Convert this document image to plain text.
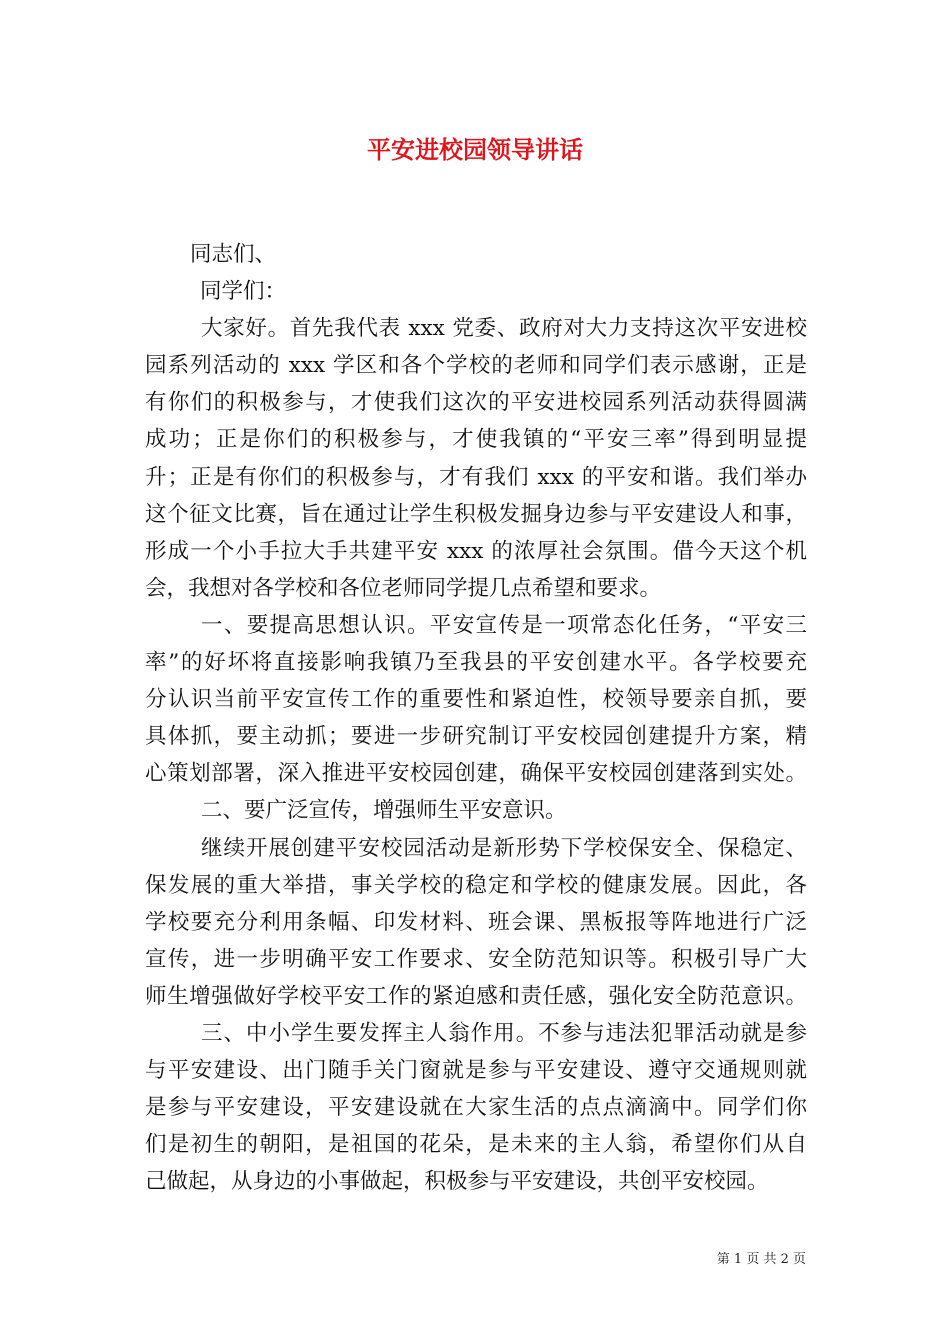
平安进校园领导讲话
同志们、
同学们：
大家好。首先我代表 xxx 党委、政府对大力支持这次平安进校
园系列活动的 xxx 学区和各个学校的老师和同学们表示感谢，正是
有你们的积极参与，才使我们这次的平安进校园系列活动获得圆满
成功；正是你们的积极参与，才使我镇的“平安三率”得到明显提
升；正是有你们的积极参与，才有我们 xxx 的平安和谐。我们举办
这个征文比赛，旨在通过让学生积极发掘身边参与平安建设人和事，
形成一个小手拉大手共建平安 xxx 的浓厚社会氛围。借今天这个机
会，我想对各学校和各位老师同学提几点希望和要求。
一、要提高思想认识。平安宣传是一项常态化任务，“平安三
率”的好坏将直接影响我镇乃至我县的平安创建水平。各学校要充
分认识当前平安宣传工作的重要性和紧迫性，校领导要亲自抓，要
具体抓，要主动抓；要进一步研究制订平安校园创建提升方案，精
心策划部署，深入推进平安校园创建，确保平安校园创建落到实处。
二、要广泛宣传，增强师生平安意识。
继续开展创建平安校园活动是新形势下学校保安全、保稳定、
保发展的重大举措，事关学校的稳定和学校的健康发展。因此，各
学校要充分利用条幅、印发材料、班会课、黑板报等阵地进行广泛
宣传，进一步明确平安工作要求、安全防范知识等。积极引导广大
师生增强做好学校平安工作的紧迫感和责任感，强化安全防范意识。
三、中小学生要发挥主人翁作用。不参与违法犯罪活动就是参
与平安建设、出门随手关门窗就是参与平安建设、遵守交通规则就
是参与平安建设，平安建设就在大家生活的点点滴滴中。同学们你
们是初生的朝阳，是祖国的花朵，是未来的主人翁，希望你们从自
己做起，从身边的小事做起，积极参与平安建设，共创平安校园。
第 1 页 共 2 页
